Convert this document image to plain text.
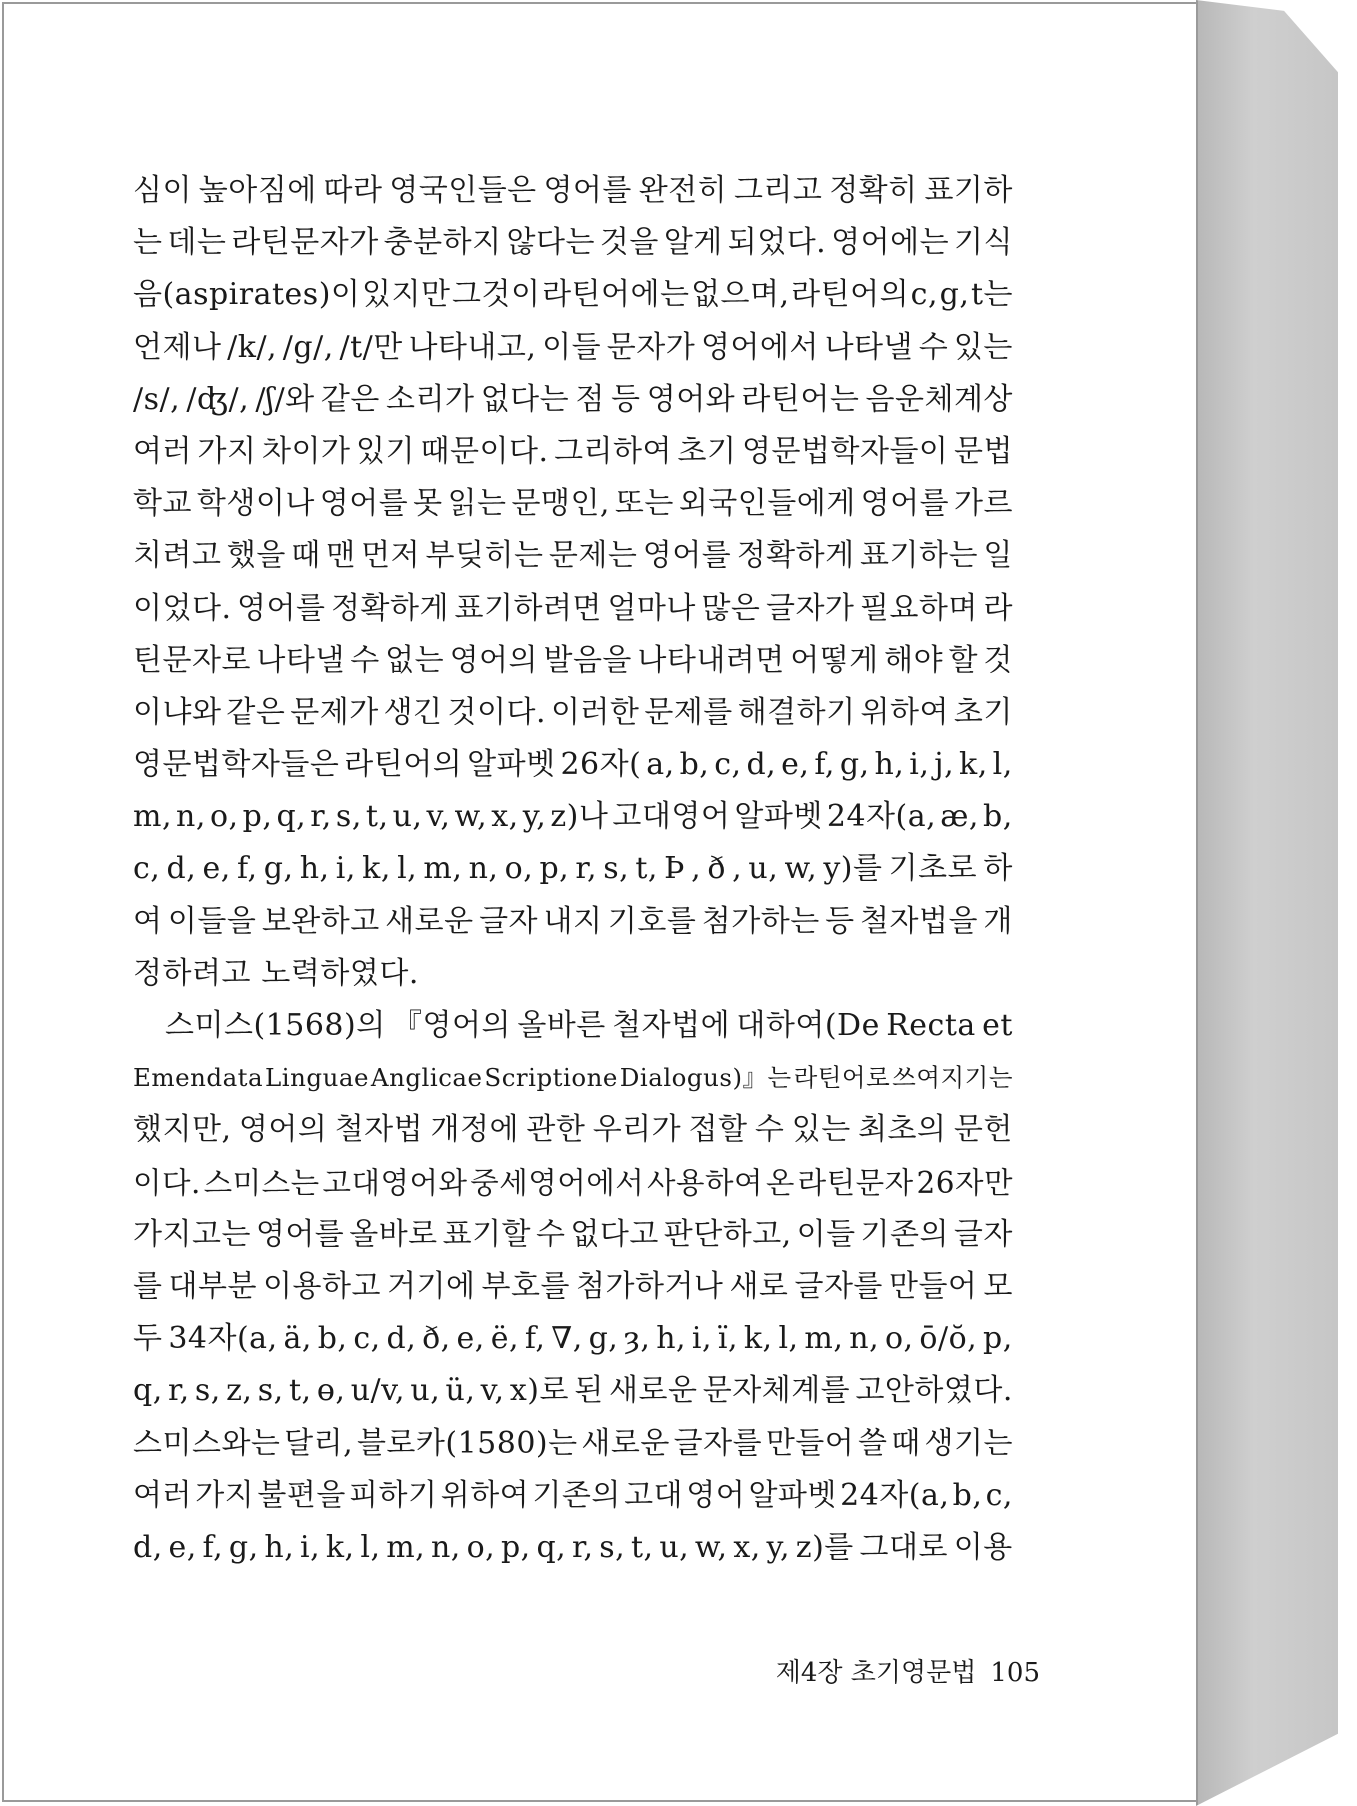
심이 높아짐에 따라 영국인들은 영어를 완전히 그리고 정확히 표기하
는 데는 라틴문자가 충분하지 않다는 것을 알게 되었다. 영어에는 기식
음(aspirates)이 있지만 그것이 라틴어에는 없으며, 라틴어의 c, g, t는
언제나 /k/, /g/, /t/만 나타내고, 이들 문자가 영어에서 나타낼 수 있는
/s/, /ʤ/, /ʃ/와 같은 소리가 없다는 점 등 영어와 라틴어는 음운체계상
여러 가지 차이가 있기 때문이다. 그리하여 초기 영문법학자들이 문법
학교 학생이나 영어를 못 읽는 문맹인, 또는 외국인들에게 영어를 가르
치려고 했을 때 맨 먼저 부딪히는 문제는 영어를 정확하게 표기하는 일
이었다. 영어를 정확하게 표기하려면 얼마나 많은 글자가 필요하며 라
틴문자로 나타낼 수 없는 영어의 발음을 나타내려면 어떻게 해야 할 것
이냐와 같은 문제가 생긴 것이다. 이러한 문제를 해결하기 위하여 초기
영문법학자들은 라틴어의 알파벳 26자( a, b, c, d, e, f, g, h, i, j, k, l,
m, n, o, p, q, r, s, t, u, v, w, x, y, z)나 고대영어 알파벳 24자(a, æ, b,
c, d, e, f, g, h, i, k, l, m, n, o, p, r, s, t, Þ , ð , u, w, y)를 기초로 하
여 이들을 보완하고 새로운 글자 내지 기호를 첨가하는 등 철자법을 개
정하려고 노력하였다.
스미스(1568)의 『영어의 올바른 철자법에 대하여(De Recta et
Emendata Linguae Anglicae Scriptione Dialogus)』는 라틴어로 쓰여지기는
했지만, 영어의 철자법 개정에 관한 우리가 접할 수 있는 최초의 문헌
이다. 스미스는 고대영어와 중세영어에서 사용하여 온 라틴문자 26자만
가지고는 영어를 올바로 표기할 수 없다고 판단하고, 이들 기존의 글자
를 대부분 이용하고 거기에 부호를 첨가하거나 새로 글자를 만들어 모
두 34자(a, ä, b, c, d, ð, e, ë, f, ∇, g, ȝ, h, i, ï, k, l, m, n, o, ō/ŏ, p,
q, r, s, z, ꜱ, t, ɵ, u/v, u, ü, v, x)로 된 새로운 문자체계를 고안하였다.
스미스와는 달리, 블로카(1580)는 새로운 글자를 만들어 쓸 때 생기는
여러 가지 불편을 피하기 위하여 기존의 고대 영어 알파벳 24자(a, b, c,
d, e, f, g, h, i, k, l, m, n, o, p, q, r, s, t, u, w, x, y, z)를 그대로 이용
제4장 초기영문법 105
